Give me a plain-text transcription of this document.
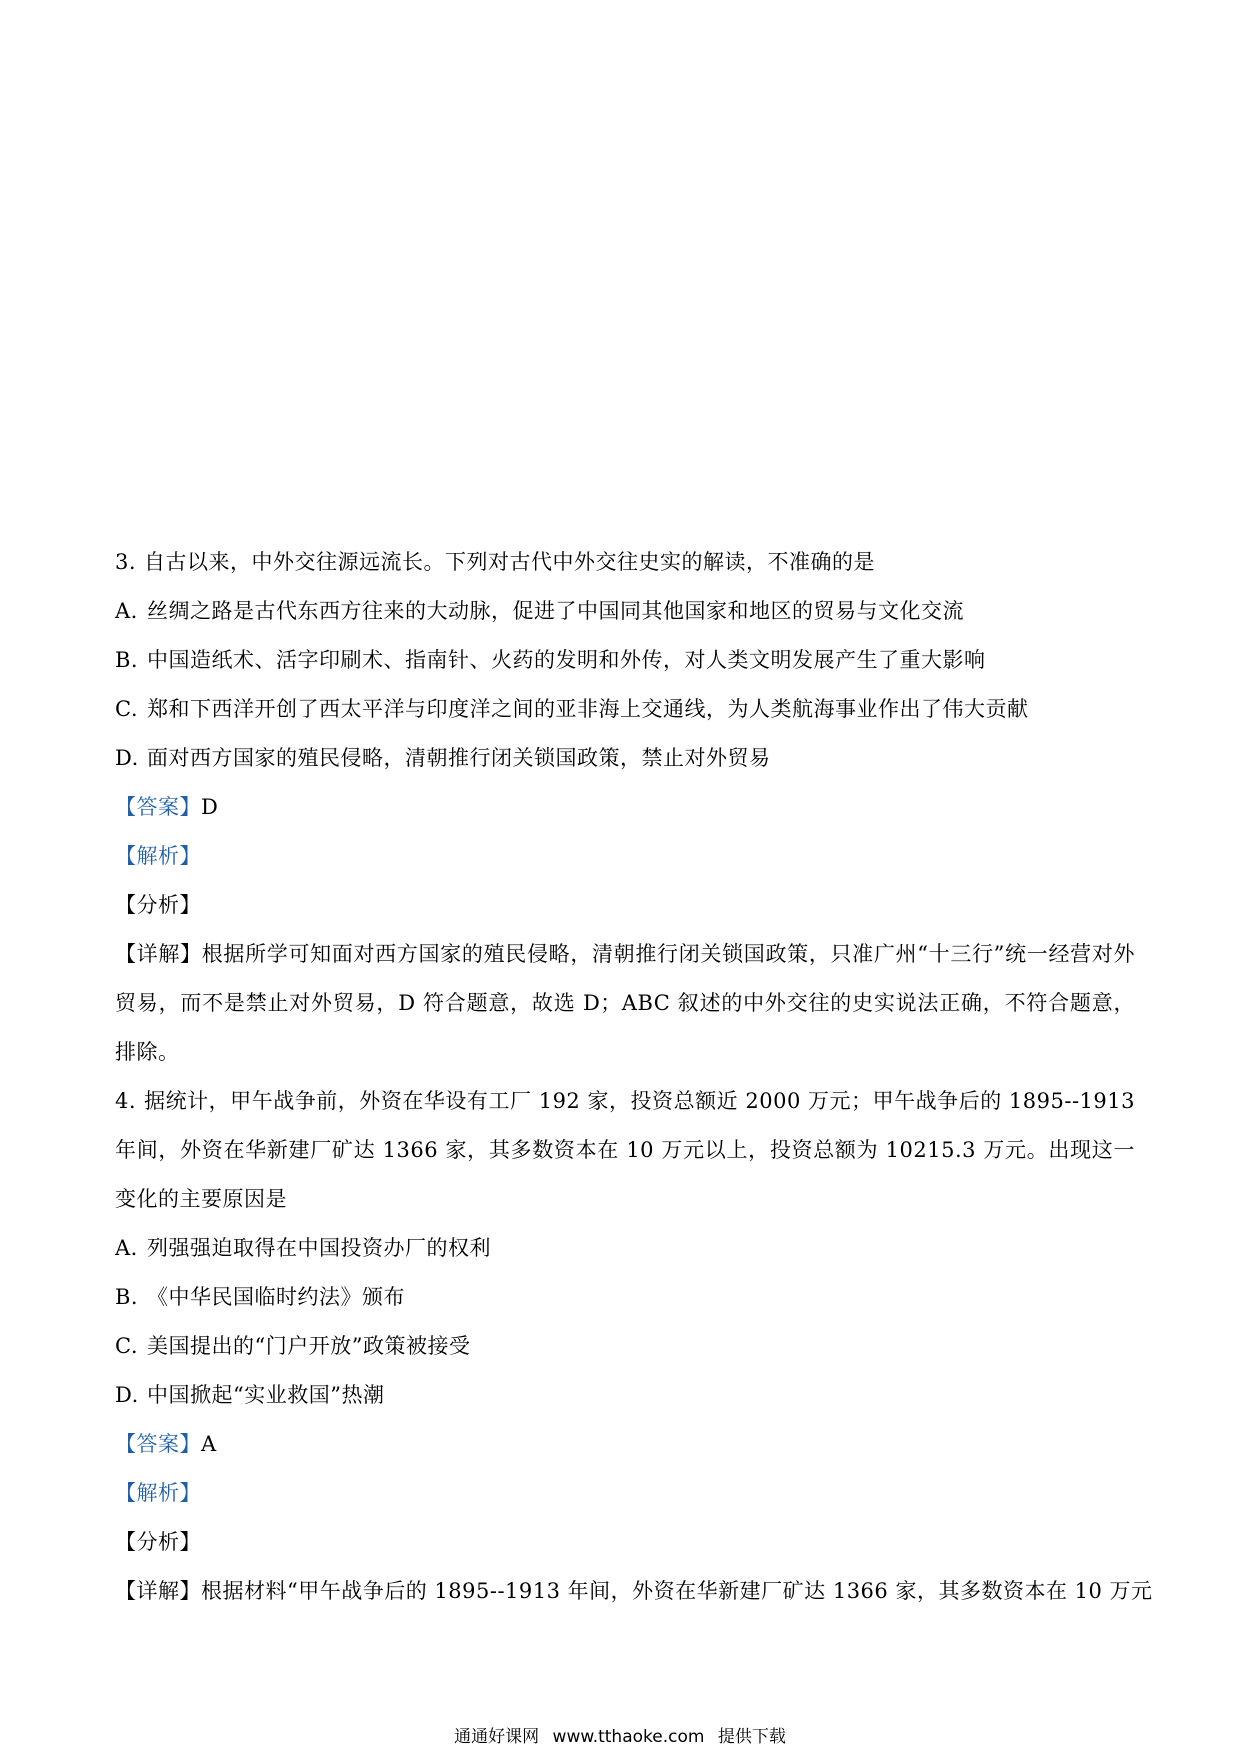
3. 自古以来，中外交往源远流长。下列对古代中外交往史实的解读，不准确的是
A. 丝绸之路是古代东西方往来的大动脉，促进了中国同其他国家和地区的贸易与文化交流
B. 中国造纸术、活字印刷术、指南针、火药的发明和外传，对人类文明发展产生了重大影响
C. 郑和下西洋开创了西太平洋与印度洋之间的亚非海上交通线，为人类航海事业作出了伟大贡献
D. 面对西方国家的殖民侵略，清朝推行闭关锁国政策，禁止对外贸易
【答案】D
【解析】
【分析】
【详解】根据所学可知面对西方国家的殖民侵略，清朝推行闭关锁国政策，只准广州“十三行”统一经营对外贸易，而不是禁止对外贸易，D 符合题意，故选 D；ABC 叙述的中外交往的史实说法正确，不符合题意，排除。
4. 据统计，甲午战争前，外资在华设有工厂 192 家，投资总额近 2000 万元；甲午战争后的 1895--1913 年间，外资在华新建厂矿达 1366 家，其多数资本在 10 万元以上，投资总额为 10215.3 万元。出现这一变化的主要原因是
A. 列强强迫取得在中国投资办厂的权利
B. 《中华民国临时约法》颁布
C. 美国提出的“门户开放”政策被接受
D. 中国掀起“实业救国”热潮
【答案】A
【解析】
【分析】
【详解】根据材料“甲午战争后的 1895--1913 年间，外资在华新建厂矿达 1366 家，其多数资本在 10 万元
通通好课网 www.tthaoke.com 提供下载
